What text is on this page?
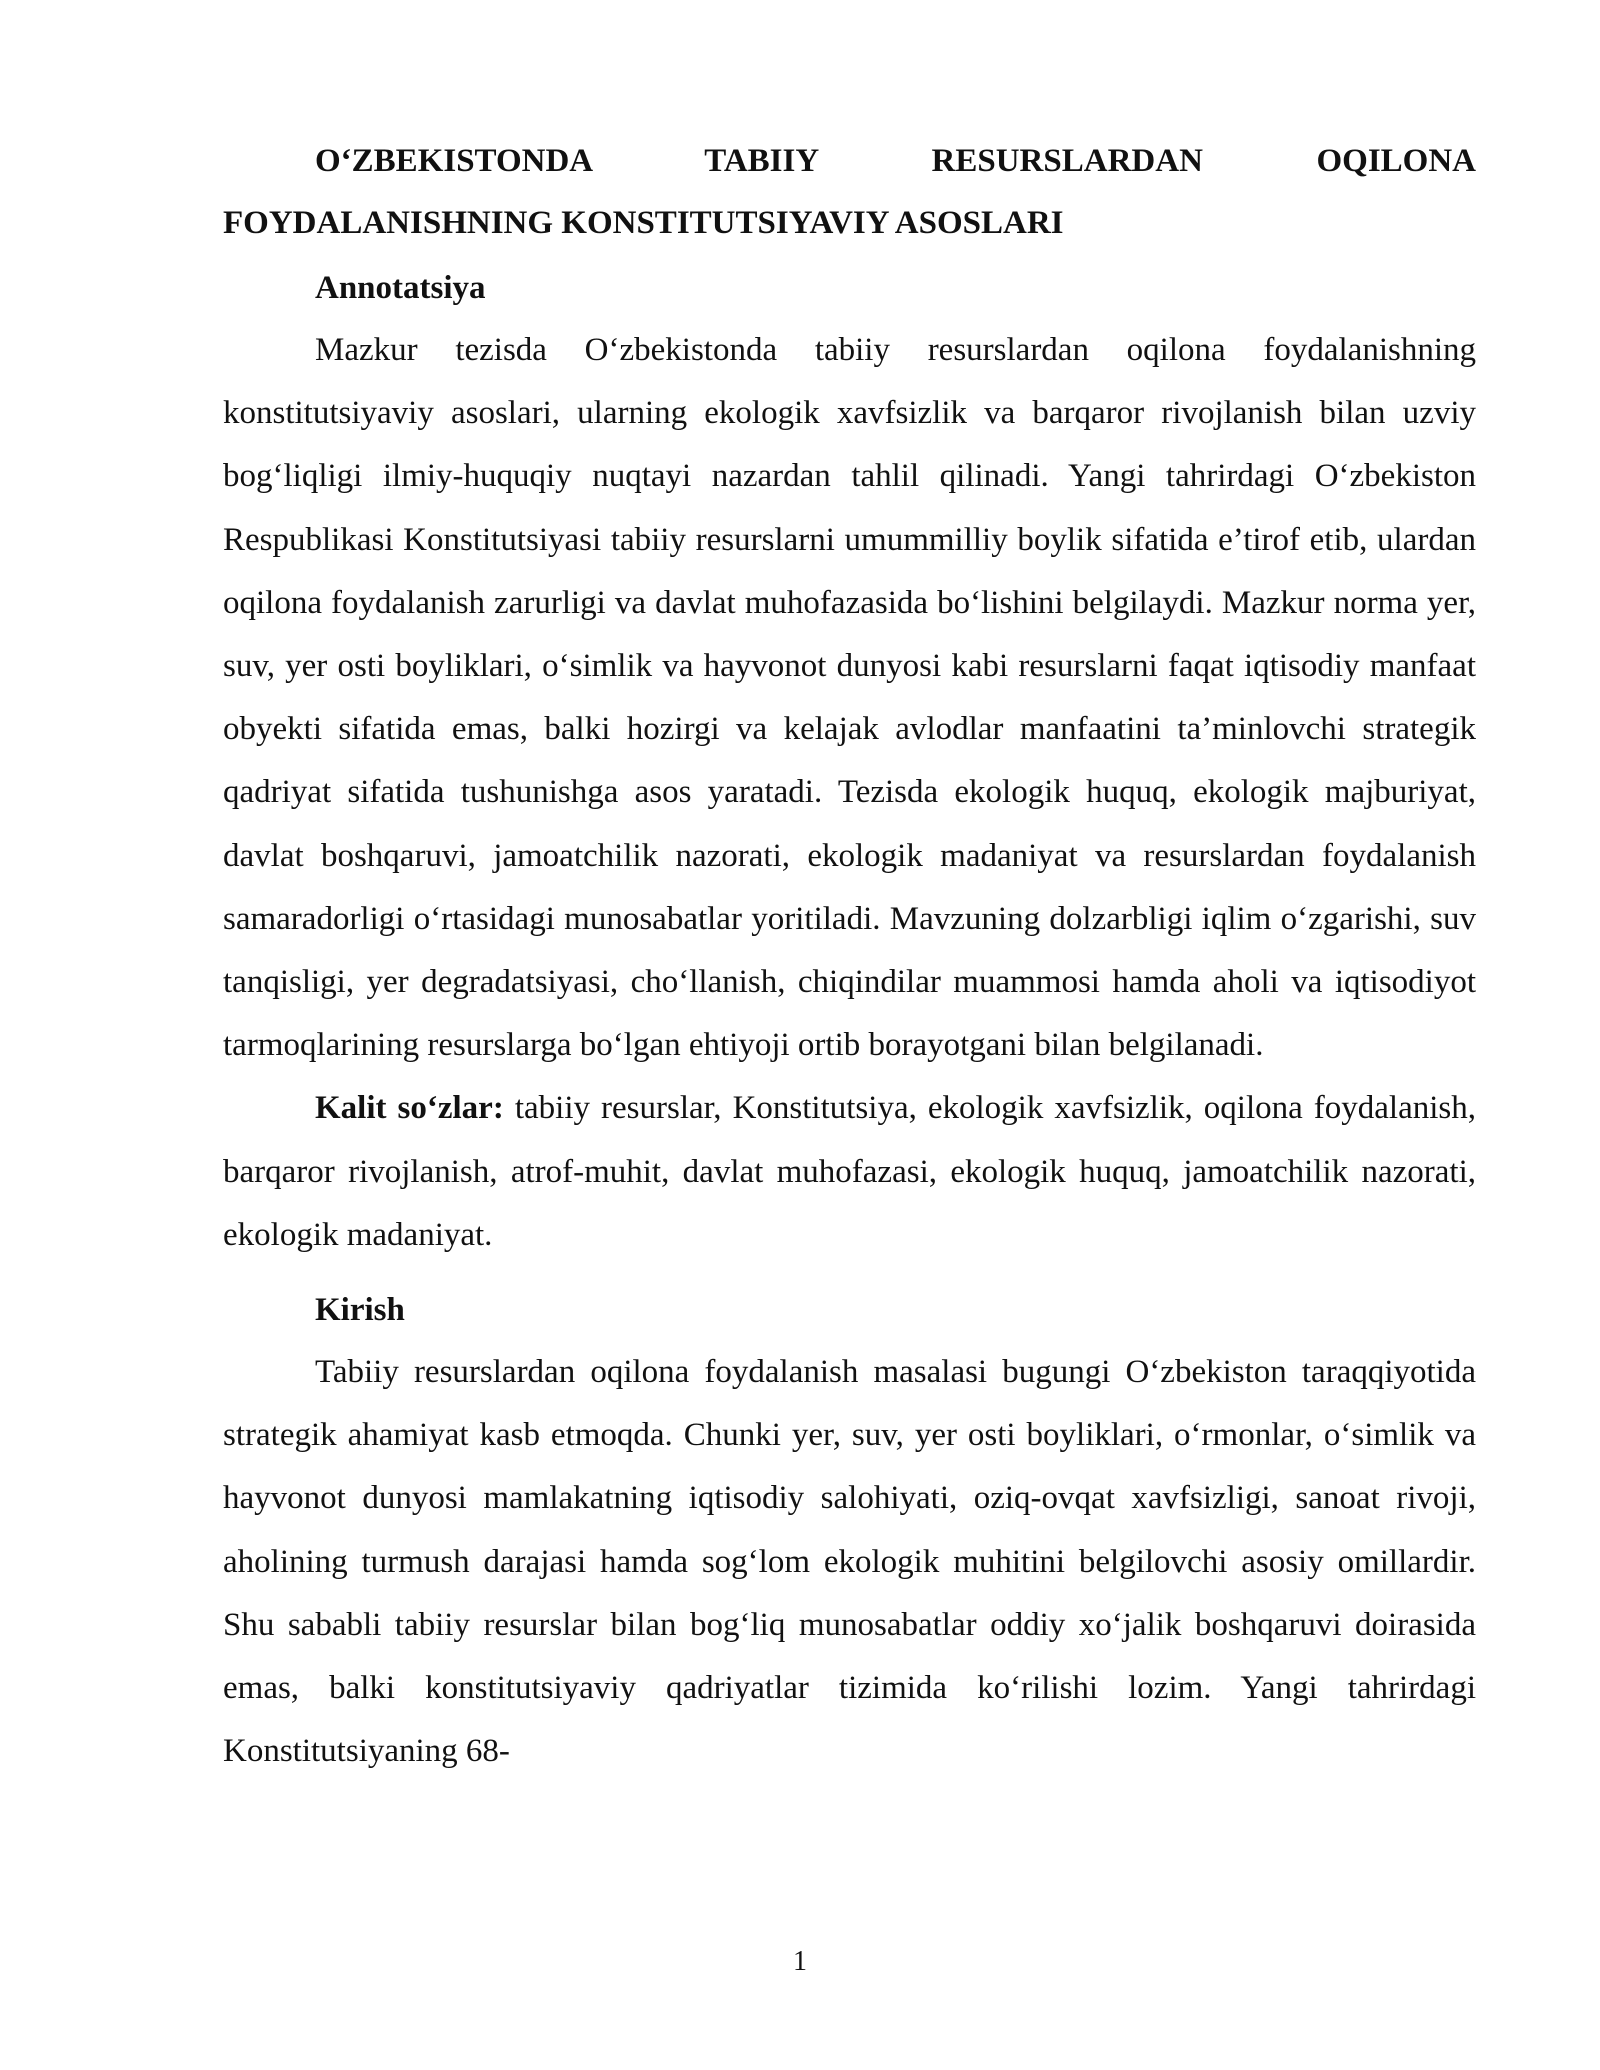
O‘ZBEKISTONDA TABIIY RESURSLARDAN OQILONA
FOYDALANISHNING KONSTITUTSIYAVIY ASOSLARI
Annotatsiya

Mazkur tezisda O‘zbekistonda tabiiy resurslardan oqilona foydalanishning konstitutsiyaviy asoslari, ularning ekologik xavfsizlik va barqaror rivojlanish bilan uzviy bog‘liqligi ilmiy-huquqiy nuqtayi nazardan tahlil qilinadi. Yangi tahrirdagi O‘zbekiston Respublikasi Konstitutsiyasi tabiiy resurslarni umummilliy boylik sifatida e’tirof etib, ulardan oqilona foydalanish zarurligi va davlat muhofazasida bo‘lishini belgilaydi. Mazkur norma yer, suv, yer osti boyliklari, o‘simlik va hayvonot dunyosi kabi resurslarni faqat iqtisodiy manfaat obyekti sifatida emas, balki hozirgi va kelajak avlodlar manfaatini ta’minlovchi strategik qadriyat sifatida tushunishga asos yaratadi. Tezisda ekologik huquq, ekologik majburiyat, davlat boshqaruvi, jamoatchilik nazorati, ekologik madaniyat va resurslardan foydalanish samaradorligi o‘rtasidagi munosabatlar yoritiladi. Mavzuning dolzarbligi iqlim o‘zgarishi, suv tanqisligi, yer degradatsiyasi, cho‘llanish, chiqindilar muammosi hamda aholi va iqtisodiyot tarmoqlarining resurslarga bo‘lgan ehtiyoji ortib borayotgani bilan belgilanadi.

Kalit so‘zlar: tabiiy resurslar, Konstitutsiya, ekologik xavfsizlik, oqilona foydalanish, barqaror rivojlanish, atrof-muhit, davlat muhofazasi, ekologik huquq, jamoatchilik nazorati, ekologik madaniyat.

Kirish

Tabiiy resurslardan oqilona foydalanish masalasi bugungi O‘zbekiston taraqqiyotida strategik ahamiyat kasb etmoqda. Chunki yer, suv, yer osti boyliklari, o‘rmonlar, o‘simlik va hayvonot dunyosi mamlakatning iqtisodiy salohiyati, oziq-ovqat xavfsizligi, sanoat rivoji, aholining turmush darajasi hamda sog‘lom ekologik muhitini belgilovchi asosiy omillardir. Shu sababli tabiiy resurslar bilan bog‘liq munosabatlar oddiy xo‘jalik boshqaruvi doirasida emas, balki konstitutsiyaviy qadriyatlar tizimida ko‘rilishi lozim. Yangi tahrirdagi Konstitutsiyaning 68-

1
